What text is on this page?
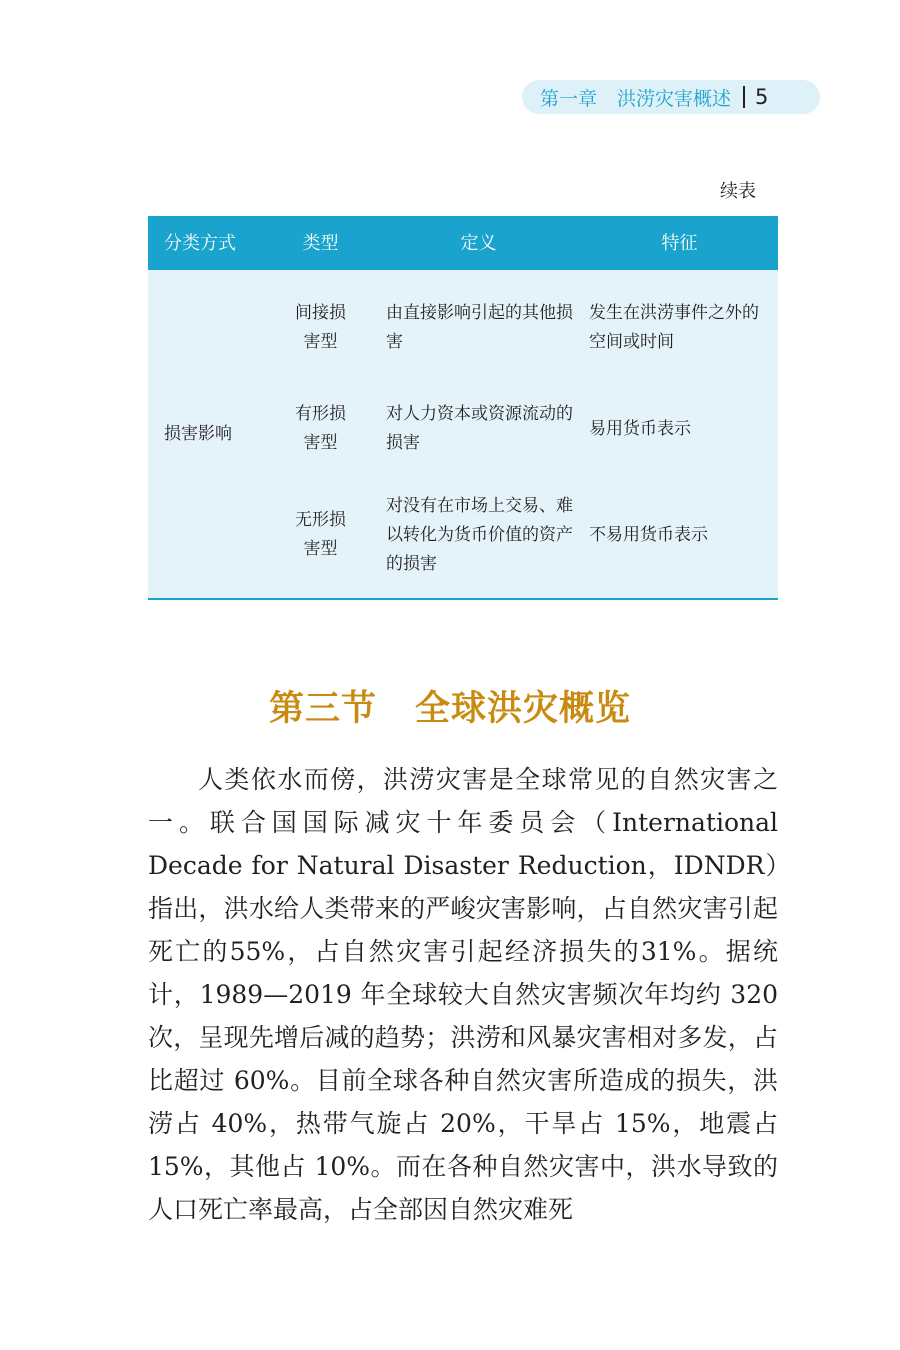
第一章 洪涝灾害概述 5
续表
分类方式	类型	定义	特征
损害影响	间接损害型	由直接影响引起的其他损害	发生在洪涝事件之外的空间或时间

	有形损害型	对人力资本或资源流动的损害	易用货币表示

	无形损害型	对没有在市场上交易、难以转化为货币价值的资产的损害	不易用货币表示
第三节 全球洪灾概览

人类依水而傍，洪涝灾害是全球常见的自然灾害之一。联合国国际减灾十年委员会（International Decade for Natural Disaster Reduction，IDNDR）指出，洪水给人类带来的严峻灾害影响，占自然灾害引起死亡的55%，占自然灾害引起经济损失的31%。据统计，1989—2019 年全球较大自然灾害频次年均约 320 次，呈现先增后减的趋势；洪涝和风暴灾害相对多发，占比超过 60%。目前全球各种自然灾害所造成的损失，洪涝占 40%，热带气旋占 20%，干旱占 15%，地震占 15%，其他占 10%。而在各种自然灾害中，洪水导致的人口死亡率最高，占全部因自然灾难死
